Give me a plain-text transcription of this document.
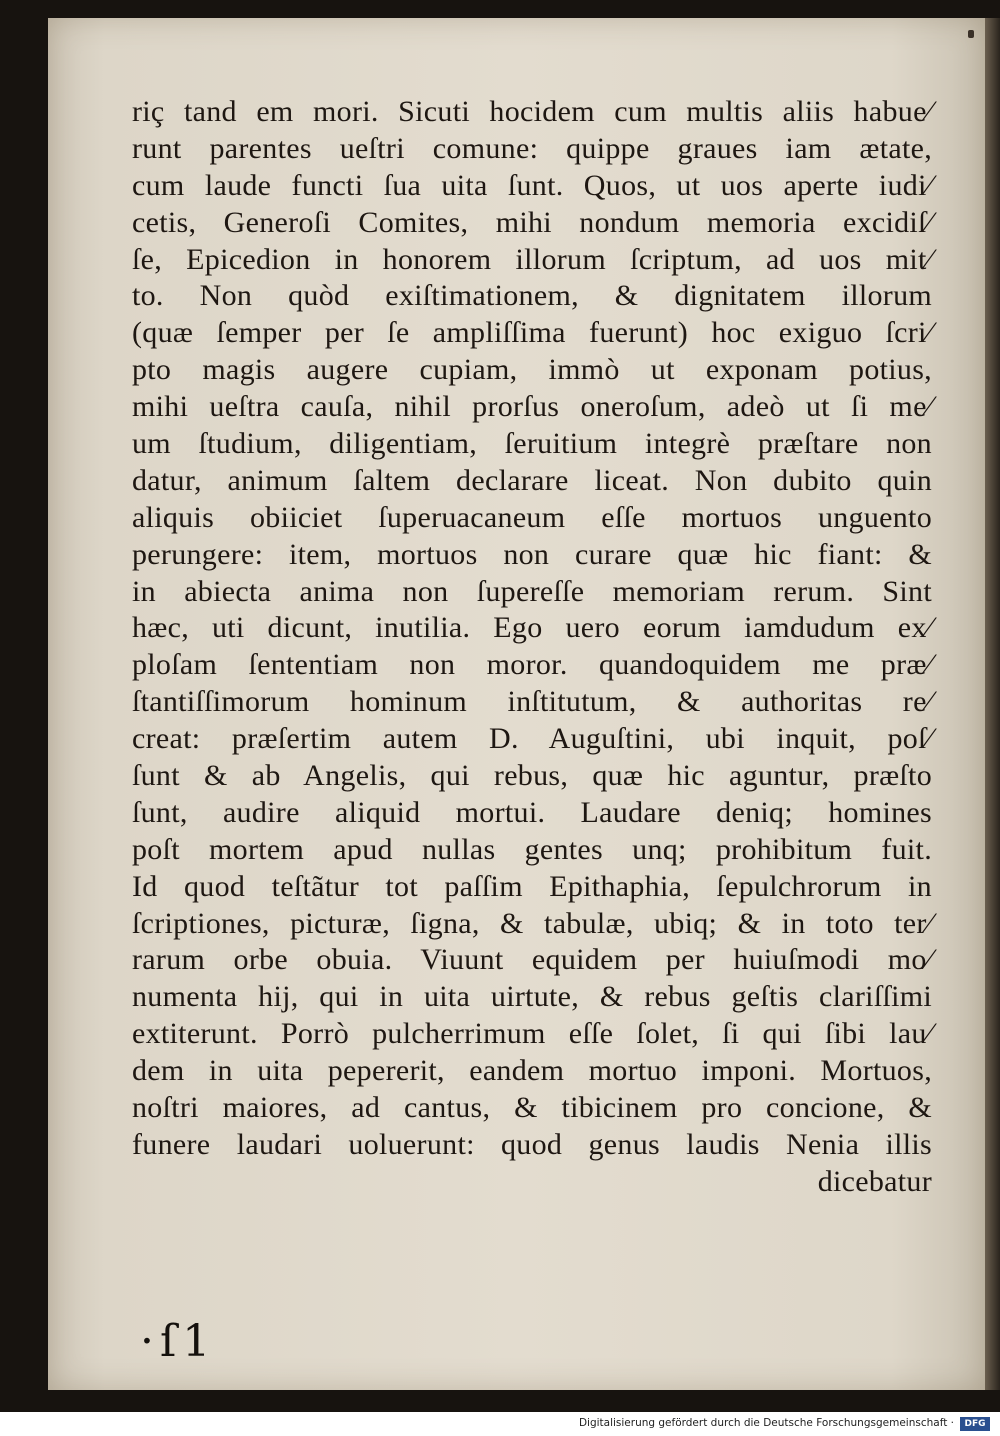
riç tand em mori. Sicuti hocidem cum multis aliis habue⁄
runt parentes ueſtri comune: quippe graues iam ætate,
cum laude functi ſua uita ſunt. Quos, ut uos aperte iudi⁄
cetis, Generoſi Comites, mihi nondum memoria excidiſ⁄
ſe, Epicedion in honorem illorum ſcriptum, ad uos mit⁄
to. Non quòd exiſtimationem, & dignitatem illorum
(quæ ſemper per ſe ampliſſima fuerunt) hoc exiguo ſcri⁄
pto magis augere cupiam, immò ut exponam potius,
mihi ueſtra cauſa, nihil prorſus oneroſum, adeò ut ſi me⁄
um ſtudium, diligentiam, ſeruitium integrè præſtare non
datur, animum ſaltem declarare liceat. Non dubito quin
aliquis obiiciet ſuperuacaneum eſſe mortuos unguento
perungere: item, mortuos non curare quæ hic fiant: &
in abiecta anima non ſupereſſe memoriam rerum. Sint
hæc, uti dicunt, inutilia. Ego uero eorum iamdudum ex⁄
ploſam ſententiam non moror. quandoquidem me præ⁄
ſtantiſſimorum hominum inſtitutum, & authoritas re⁄
creat: præſertim autem D. Auguſtini, ubi inquit, poſ⁄
ſunt & ab Angelis, qui rebus, quæ hic aguntur, præſto
ſunt, audire aliquid mortui. Laudare deniq; homines
poſt mortem apud nullas gentes unq; prohibitum fuit.
Id quod teſtãtur tot paſſim Epithaphia, ſepulchrorum in
ſcriptiones, picturæ, ſigna, & tabulæ, ubiq; & in toto ter⁄
rarum orbe obuia. Viuunt equidem per huiuſmodi mo⁄
numenta hij, qui in uita uirtute, & rebus geſtis clariſſimi
extiterunt. Porrò pulcherrimum eſſe ſolet, ſi qui ſibi lau⁄
dem in uita pepererit, eandem mortuo imponi. Mortuos,
noſtri maiores, ad cantus, & tibicinem pro concione, &
funere laudari uoluerunt: quod genus laudis Nenia illis
dicebatur
·ſ1
Digitalisierung gefördert durch die Deutsche Forschungsgemeinschaft ·	DFG
